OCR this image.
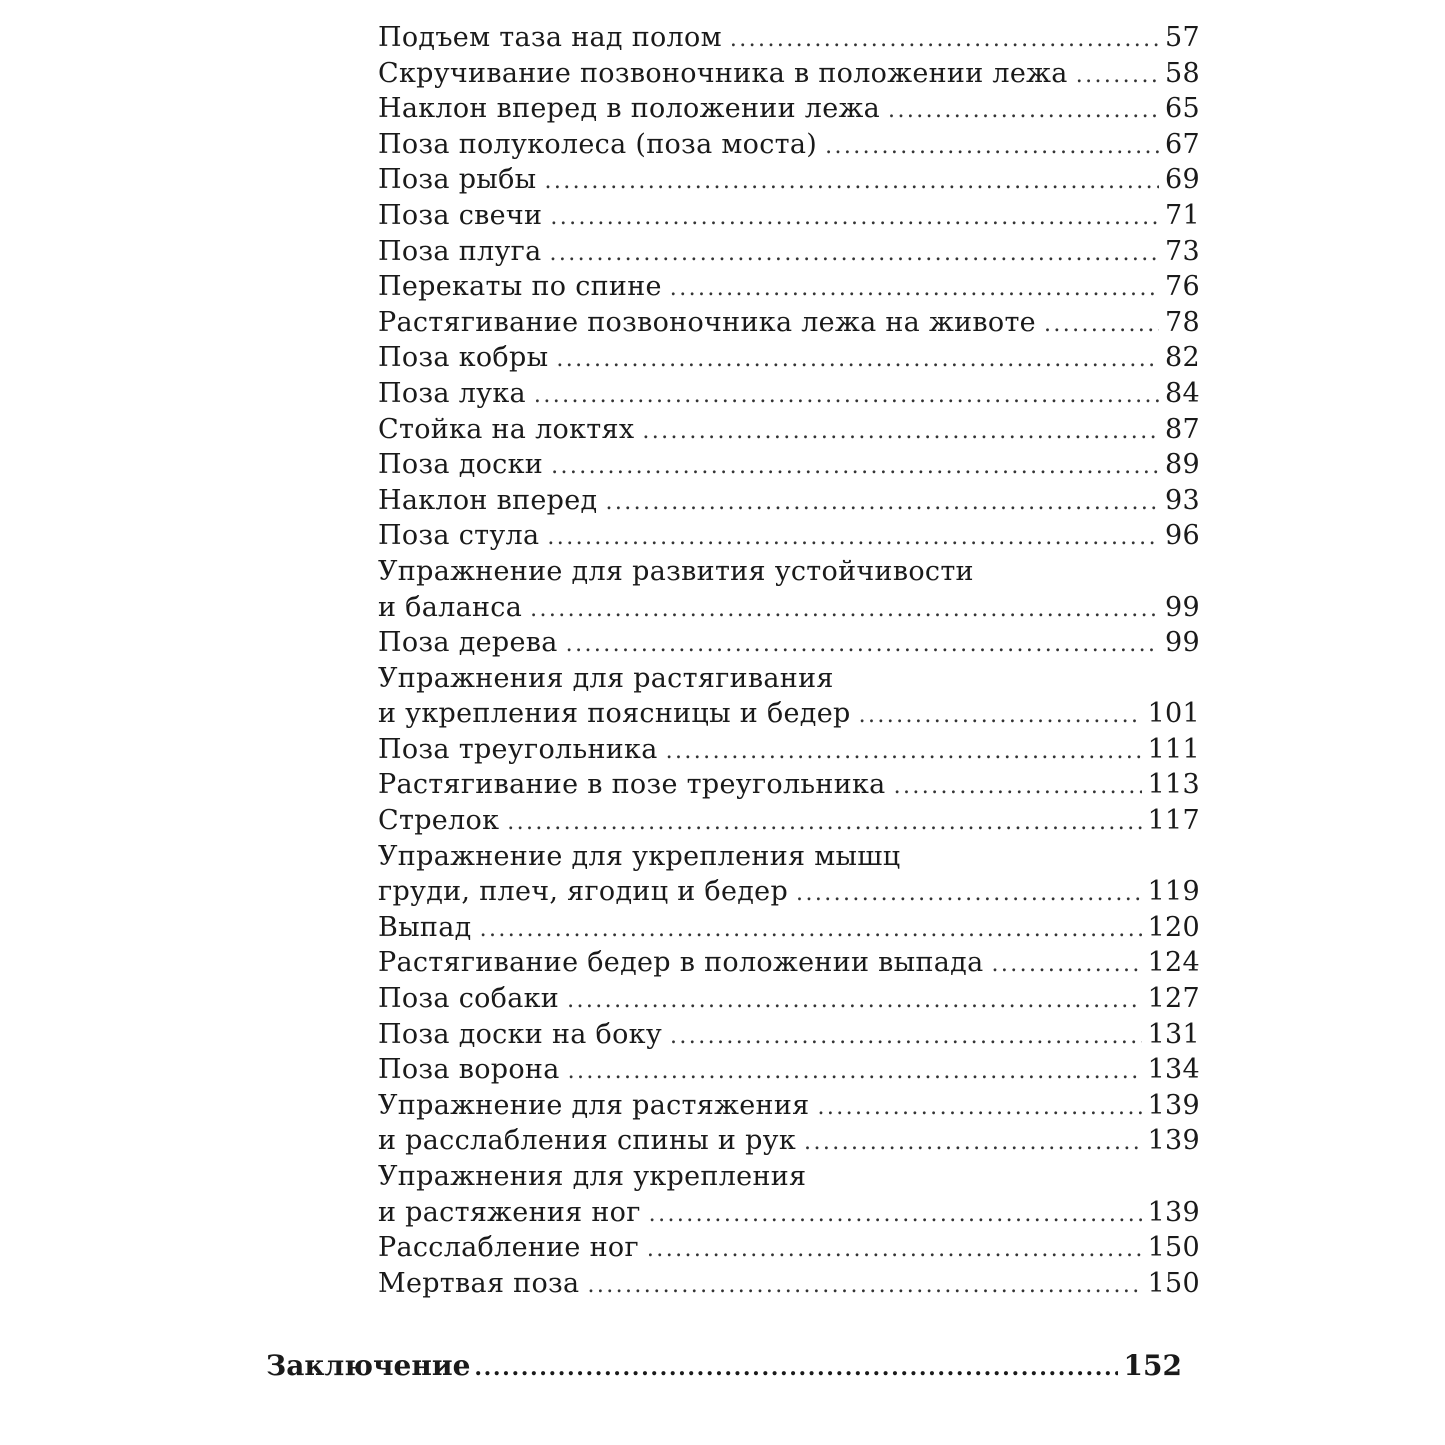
Подъем таза над полом .....	57
Скручивание позвоночника в положении лежа .....	58
Наклон вперед в положении лежа .....	65
Поза полуколеса (поза моста) .....	67
Поза рыбы .....	69
Поза свечи .....	71
Поза плуга .....	73
Перекаты по спине .....	76
Растягивание позвоночника лежа на животе .....	78
Поза кобры .....	82
Поза лука .....	84
Стойка на локтях .....	87
Поза доски .....	89
Наклон вперед .....	93
Поза стула .....	96
Упражнение для развития устойчивости
и баланса .....	99
Поза дерева .....	99
Упражнения для растягивания
и укрепления поясницы и бедер .....	101
Поза треугольника .....	111
Растягивание в позе треугольника .....	113
Стрелок .....	117
Упражнение для укрепления мышц
груди, плеч, ягодиц и бедер .....	119
Выпад .....	120
Растягивание бедер в положении выпада .....	124
Поза собаки .....	127
Поза доски на боку .....	131
Поза ворона .....	134
Упражнение для растяжения .....	139
и расслабления спины и рук .....	139
Упражнения для укрепления
и растяжения ног .....	139
Расслабление ног .....	150
Мертвая поза .....	150
Заключение .....	152
